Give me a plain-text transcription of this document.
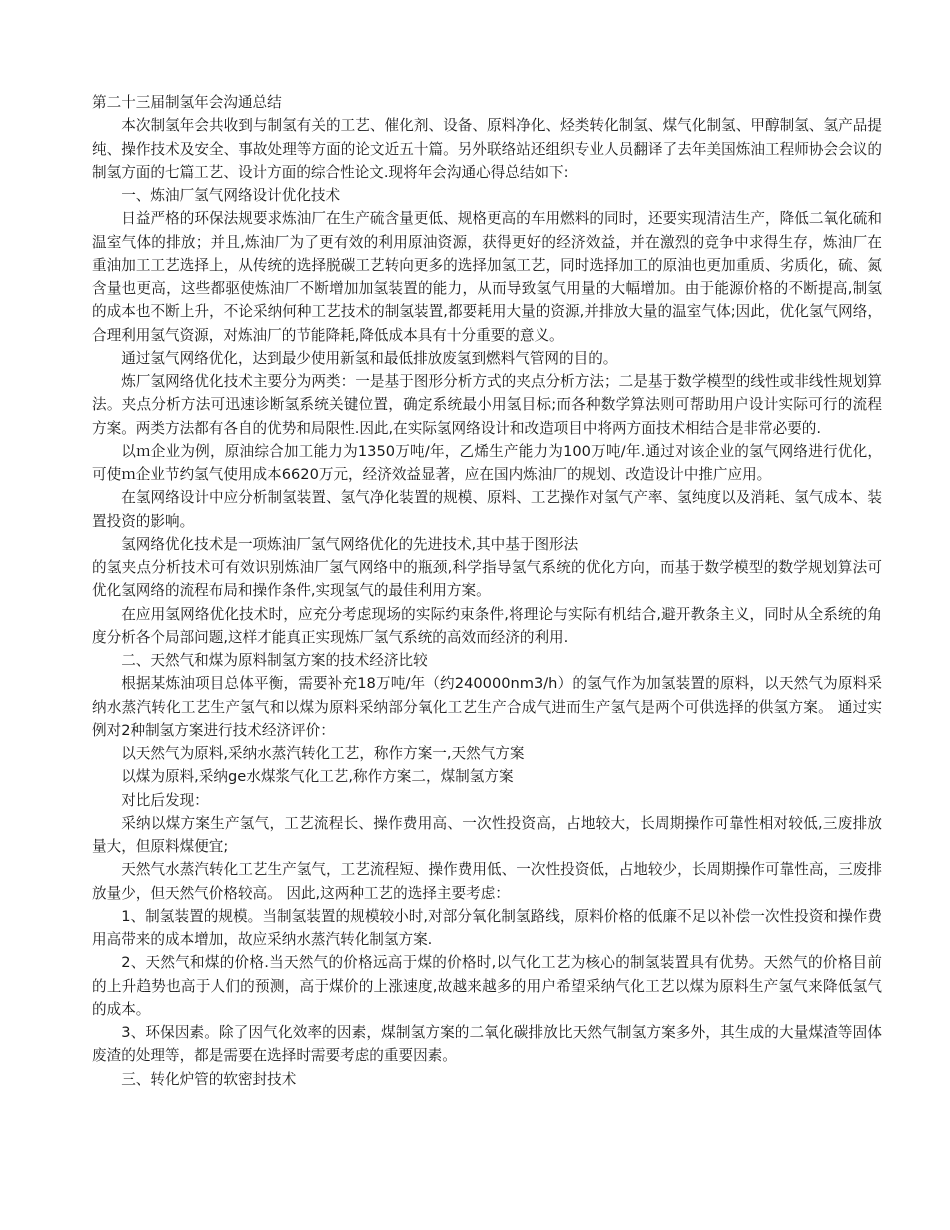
第二十三届制氢年会沟通总结

本次制氢年会共收到与制氢有关的工艺、催化剂、设备、原料净化、烃类转化制氢、煤气化制氢、甲醇制氢、氢产品提纯、操作技术及安全、事故处理等方面的论文近五十篇。另外联络站还组织专业人员翻译了去年美国炼油工程师协会会议的制氢方面的七篇工艺、设计方面的综合性论文.现将年会沟通心得总结如下:

一、炼油厂氢气网络设计优化技术

日益严格的环保法规要求炼油厂在生产硫含量更低、规格更高的车用燃料的同时，还要实现清洁生产，降低二氧化硫和温室气体的排放；并且,炼油厂为了更有效的利用原油资源，获得更好的经济效益，并在激烈的竞争中求得生存，炼油厂在重油加工工艺选择上，从传统的选择脱碳工艺转向更多的选择加氢工艺，同时选择加工的原油也更加重质、劣质化，硫、氮含量也更高，这些都驱使炼油厂不断增加加氢装置的能力，从而导致氢气用量的大幅增加。由于能源价格的不断提高,制氢的成本也不断上升，不论采纳何种工艺技术的制氢装置,都要耗用大量的资源,并排放大量的温室气体;因此，优化氢气网络，合理利用氢气资源，对炼油厂的节能降耗,降低成本具有十分重要的意义。

通过氢气网络优化，达到最少使用新氢和最低排放废氢到燃料气管网的目的。

炼厂氢网络优化技术主要分为两类：一是基于图形分析方式的夹点分析方法；二是基于数学模型的线性或非线性规划算法。夹点分析方法可迅速诊断氢系统关键位置，确定系统最小用氢目标;而各种数学算法则可帮助用户设计实际可行的流程方案。两类方法都有各自的优势和局限性.因此,在实际氢网络设计和改造项目中将两方面技术相结合是非常必要的.

以ｍ企业为例，原油综合加工能力为1350万吨/年，乙烯生产能力为100万吨/年.通过对该企业的氢气网络进行优化，可使ｍ企业节约氢气使用成本6620万元，经济效益显著，应在国内炼油厂的规划、改造设计中推广应用。

在氢网络设计中应分析制氢装置、氢气净化装置的规模、原料、工艺操作对氢气产率、氢纯度以及消耗、氢气成本、装置投资的影响。

氢网络优化技术是一项炼油厂氢气网络优化的先进技术,其中基于图形法

的氢夹点分析技术可有效识别炼油厂氢气网络中的瓶颈,科学指导氢气系统的优化方向，而基于数学模型的数学规划算法可优化氢网络的流程布局和操作条件,实现氢气的最佳利用方案。

在应用氢网络优化技术时，应充分考虑现场的实际约束条件,将理论与实际有机结合,避开教条主义，同时从全系统的角度分析各个局部问题,这样才能真正实现炼厂氢气系统的高效而经济的利用.

二、天然气和煤为原料制氢方案的技术经济比较

根据某炼油项目总体平衡，需要补充18万吨/年（约240000nm3/h）的氢气作为加氢装置的原料，以天然气为原料采纳水蒸汽转化工艺生产氢气和以煤为原料采纳部分氧化工艺生产合成气进而生产氢气是两个可供选择的供氢方案。 通过实例对2种制氢方案进行技术经济评价：

以天然气为原料,采纳水蒸汽转化工艺，称作方案一,天然气方案

以煤为原料,采纳ge水煤浆气化工艺,称作方案二，煤制氢方案

对比后发现：

采纳以煤方案生产氢气，工艺流程长、操作费用高、一次性投资高，占地较大，长周期操作可靠性相对较低,三废排放量大，但原料煤便宜;

天然气水蒸汽转化工艺生产氢气，工艺流程短、操作费用低、一次性投资低，占地较少，长周期操作可靠性高，三废排放量少，但天然气价格较高。 因此,这两种工艺的选择主要考虑：

1、制氢装置的规模。当制氢装置的规模较小时,对部分氧化制氢路线，原料价格的低廉不足以补偿一次性投资和操作费用高带来的成本增加，故应采纳水蒸汽转化制氢方案.

2、天然气和煤的价格.当天然气的价格远高于煤的价格时,以气化工艺为核心的制氢装置具有优势。天然气的价格目前的上升趋势也高于人们的预测，高于煤价的上涨速度,故越来越多的用户希望采纳气化工艺以煤为原料生产氢气来降低氢气的成本。

3、环保因素。除了因气化效率的因素，煤制氢方案的二氧化碳排放比天然气制氢方案多外，其生成的大量煤渣等固体废渣的处理等，都是需要在选择时需要考虑的重要因素。

三、转化炉管的软密封技术
